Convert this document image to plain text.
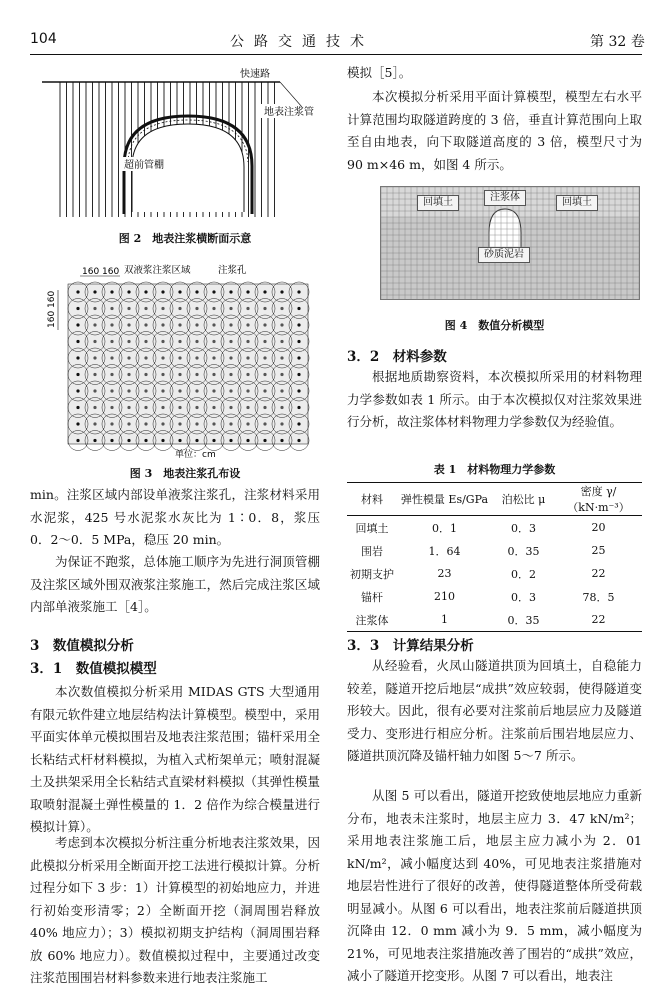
104	公路交通技术	第 32 卷
快速路
地表注浆管
超前管棚
图 2　地表注浆横断面示意
160 160 双液浆注浆区域	注浆孔
160
160
单位：cm
图 3　地表注浆孔布设
min。注浆区域内部设单液浆注浆孔，注浆材料采用水泥浆，425 号水泥浆水灰比为 1∶0．8，浆压 0．2～0．5 MPa，稳压 20 min。
为保证不跑浆，总体施工顺序为先进行洞顶管棚及注浆区域外围双液浆注浆施工，然后完成注浆区域内部单液浆施工［4］。
3　数值模拟分析
3．1　数值模拟模型
本次数值模拟分析采用 MIDAS GTS 大型通用有限元软件建立地层结构法计算模型。模型中，采用平面实体单元模拟围岩及地表注浆范围；锚杆采用全长粘结式杆材料模拟，为植入式桁架单元；喷射混凝土及拱架采用全长粘结式直梁材料模拟（其弹性模量取喷射混凝土弹性模量的 1．2 倍作为综合模量进行模拟计算）。
考虑到本次模拟分析注重分析地表注浆效果，因此模拟分析采用全断面开挖工法进行模拟计算。分析过程分如下 3 步：1）计算模型的初始地应力，并进行初始变形清零；2）全断面开挖（洞周围岩释放 40% 地应力）；3）模拟初期支护结构（洞周围岩释放 60% 地应力）。数值模拟过程中，主要通过改变注浆范围围岩材料参数来进行地表注浆施工
模拟［5］。
本次模拟分析采用平面计算模型，模型左右水平计算范围均取隧道跨度的 3 倍，垂直计算范围向上取至自由地表，向下取隧道高度的 3 倍，模型尺寸为 90 m×46 m，如图 4 所示。
回填土	注浆体	回填土
砂质泥岩
图 4　数值分析模型
3．2　材料参数
根据地质勘察资料，本次模拟所采用的材料物理力学参数如表 1 所示。由于本次模拟仅对注浆效果进行分析，故注浆体材料物理力学参数仅为经验值。
表 1　材料物理力学参数
材料	弹性模量 Es/GPa	泊松比 μ	密度 γ/（kN·m⁻³）
回填土	0．1	0．3	20
围岩	1．64	0．35	25
初期支护	23	0．2	22
锚杆	210	0．3	78．5
注浆体	1	0．35	22
3．3　计算结果分析
从经验看，火凤山隧道拱顶为回填土，自稳能力较差，隧道开挖后地层“成拱”效应较弱，使得隧道变形较大。因此，很有必要对注浆前后地层应力及隧道受力、变形进行相应分析。注浆前后围岩地层应力、隧道拱顶沉降及锚杆轴力如图 5～7 所示。
从图 5 可以看出，隧道开挖致使地层地应力重新分布，地表未注浆时，地层主应力 3．47 kN/m²；采用地表注浆施工后，地层主应力减小为 2．01 kN/m²，减小幅度达到 40%，可见地表注浆措施对地层岩性进行了很好的改善，使得隧道整体所受荷载明显减小。从图 6 可以看出，地表注浆前后隧道拱顶沉降由 12．0 mm 减小为 9．5 mm，减小幅度为 21%，可见地表注浆措施改善了围岩的“成拱”效应，减小了隧道开挖变形。从图 7 可以看出，地表注
